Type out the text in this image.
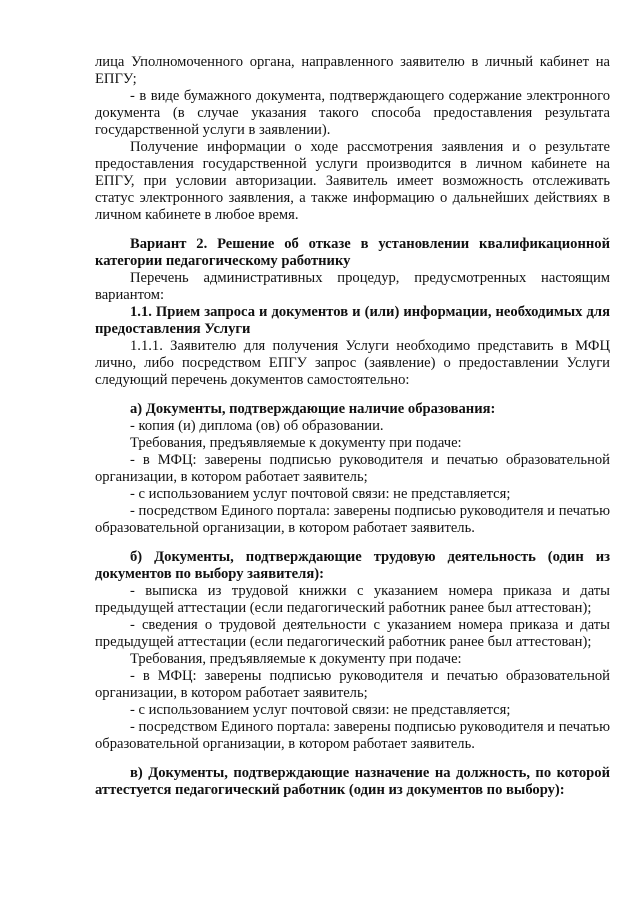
лица Уполномоченного органа, направленного заявителю в личный кабинет на ЕПГУ;

- в виде бумажного документа, подтверждающего содержание электронного документа (в случае указания такого способа предоставления результата государственной услуги в заявлении).

Получение информации о ходе рассмотрения заявления и о результате предоставления государственной услуги производится в личном кабинете на ЕПГУ, при условии авторизации. Заявитель имеет возможность отслеживать статус электронного заявления, а также информацию о дальнейших действиях в личном кабинете в любое время.

Вариант 2. Решение об отказе в установлении квалификационной категории педагогическому работнику

Перечень административных процедур, предусмотренных настоящим вариантом:

1.1. Прием запроса и документов и (или) информации, необходимых для предоставления Услуги

1.1.1. Заявителю для получения Услуги необходимо представить в МФЦ лично, либо посредством ЕПГУ запрос (заявление) о предоставлении Услуги следующий перечень документов самостоятельно:

а) Документы, подтверждающие наличие образования:

- копия (и) диплома (ов) об образовании.

Требования, предъявляемые к документу при подаче:

- в МФЦ: заверены подписью руководителя и печатью образовательной организации, в котором работает заявитель;

- с использованием услуг почтовой связи: не представляется;

- посредством Единого портала: заверены подписью руководителя и печатью образовательной организации, в котором работает заявитель.

б) Документы, подтверждающие трудовую деятельность (один из документов по выбору заявителя):

- выписка из трудовой книжки с указанием номера приказа и даты предыдущей аттестации (если педагогический работник ранее был аттестован);

- сведения о трудовой деятельности с указанием номера приказа и даты предыдущей аттестации (если педагогический работник ранее был аттестован);

Требования, предъявляемые к документу при подаче:

- в МФЦ: заверены подписью руководителя и печатью образовательной организации, в котором работает заявитель;

- с использованием услуг почтовой связи: не представляется;

- посредством Единого портала: заверены подписью руководителя и печатью образовательной организации, в котором работает заявитель.

в) Документы, подтверждающие назначение на должность, по которой аттестуется педагогический работник (один из документов по выбору):
